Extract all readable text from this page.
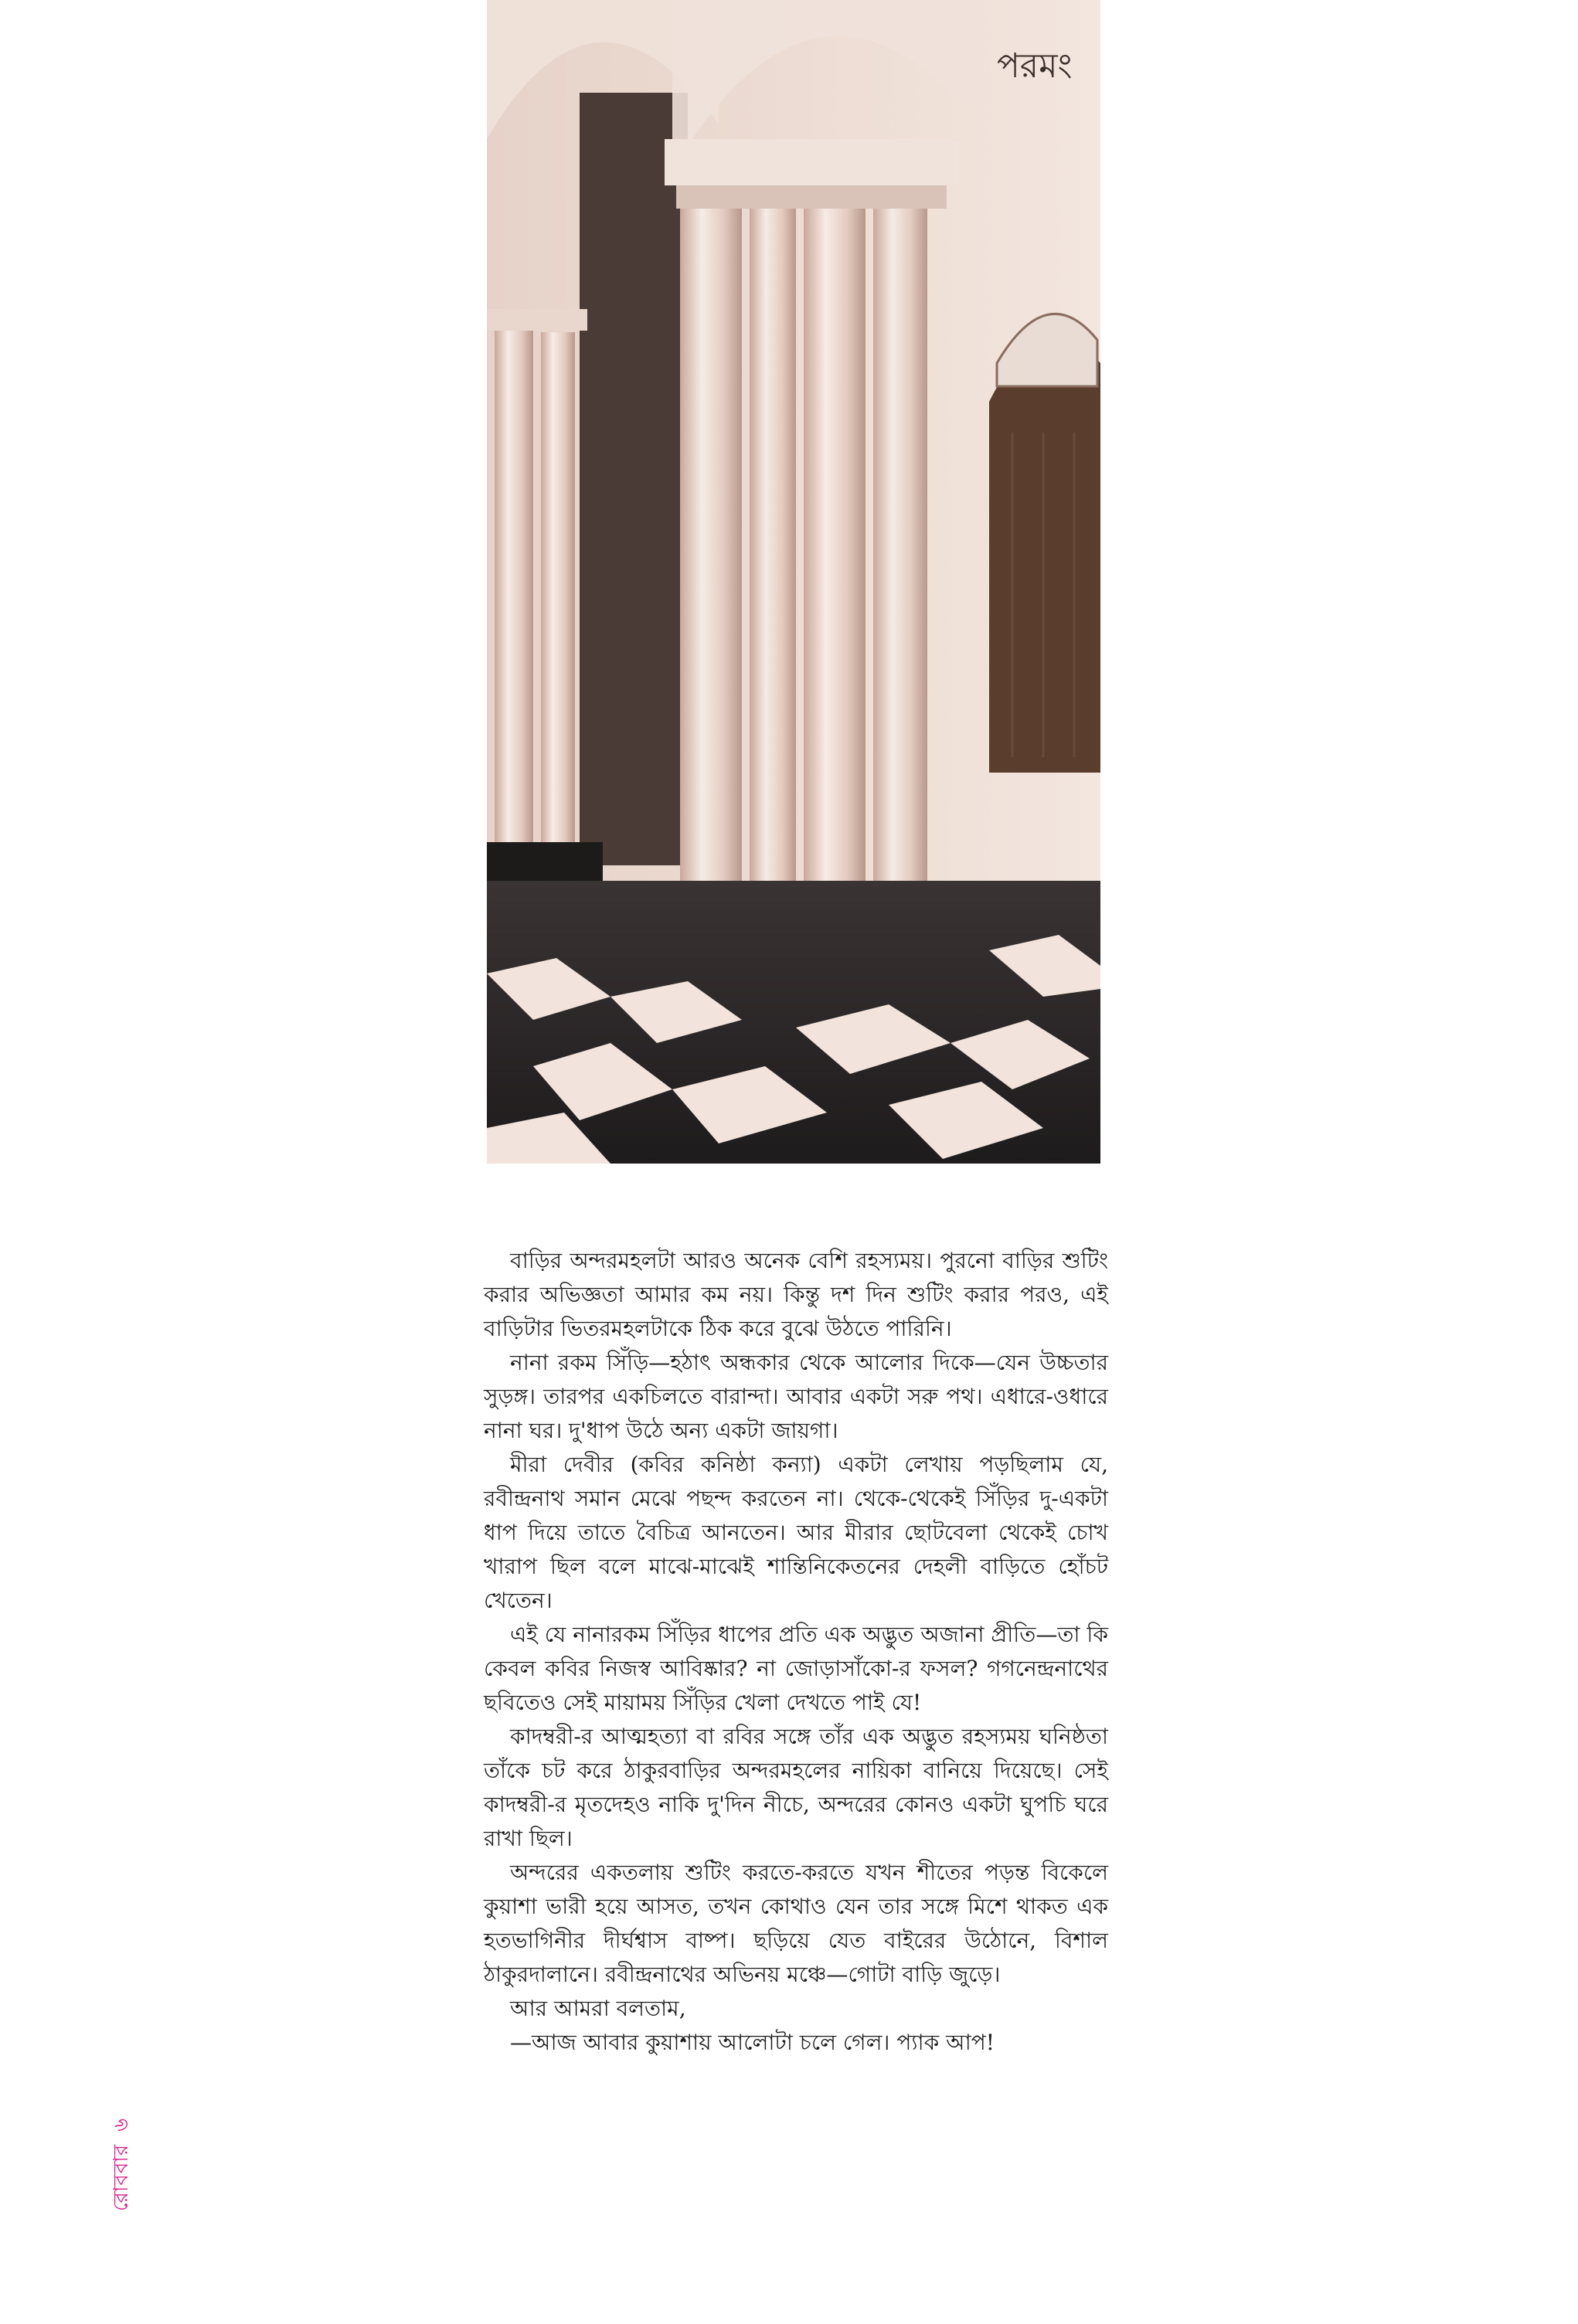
পরমং

বাড়ির অন্দরমহলটা আরও অনেক বেশি রহস্যময়। পুরনো বাড়ির শুটিং করার অভিজ্ঞতা আমার কম নয়। কিন্তু দশ দিন শুটিং করার পরও, এই বাড়িটার ভিতরমহলটাকে ঠিক করে বুঝে উঠতে পারিনি।

নানা রকম সিঁড়ি—হঠাৎ অন্ধকার থেকে আলোর দিকে—যেন উচ্চতার সুড়ঙ্গ। তারপর একচিলতে বারান্দা। আবার একটা সরু পথ। এধারে-ওধারে নানা ঘর। দু'ধাপ উঠে অন্য একটা জায়গা।

মীরা দেবীর (কবির কনিষ্ঠা কন্যা) একটা লেখায় পড়ছিলাম যে, রবীন্দ্রনাথ সমান মেঝে পছন্দ করতেন না। থেকে-থেকেই সিঁড়ির দু-একটা ধাপ দিয়ে তাতে বৈচিত্র আনতেন। আর মীরার ছোটবেলা থেকেই চোখ খারাপ ছিল বলে মাঝে-মাঝেই শান্তিনিকেতনের দেহলী বাড়িতে হোঁচট খেতেন।

এই যে নানারকম সিঁড়ির ধাপের প্রতি এক অদ্ভুত অজানা প্রীতি—তা কি কেবল কবির নিজস্ব আবিষ্কার? না জোড়াসাঁকো-র ফসল? গগনেন্দ্রনাথের ছবিতেও সেই মায়াময় সিঁড়ির খেলা দেখতে পাই যে!

কাদম্বরী-র আত্মহত্যা বা রবির সঙ্গে তাঁর এক অদ্ভুত রহস্যময় ঘনিষ্ঠতা তাঁকে চট করে ঠাকুরবাড়ির অন্দরমহলের নায়িকা বানিয়ে দিয়েছে। সেই কাদম্বরী-র মৃতদেহও নাকি দু'দিন নীচে, অন্দরের কোনও একটা ঘুপচি ঘরে রাখা ছিল।

অন্দরের একতলায় শুটিং করতে-করতে যখন শীতের পড়ন্ত বিকেলে কুয়াশা ভারী হয়ে আসত, তখন কোথাও যেন তার সঙ্গে মিশে থাকত এক হতভাগিনীর দীর্ঘশ্বাস বাষ্প। ছড়িয়ে যেত বাইরের উঠোনে, বিশাল ঠাকুরদালানে। রবীন্দ্রনাথের অভিনয় মঞ্চে—গোটা বাড়ি জুড়ে।

আর আমরা বলতাম,

—আজ আবার কুয়াশায় আলোটা চলে গেল। প্যাক আপ!

রোববার৬
